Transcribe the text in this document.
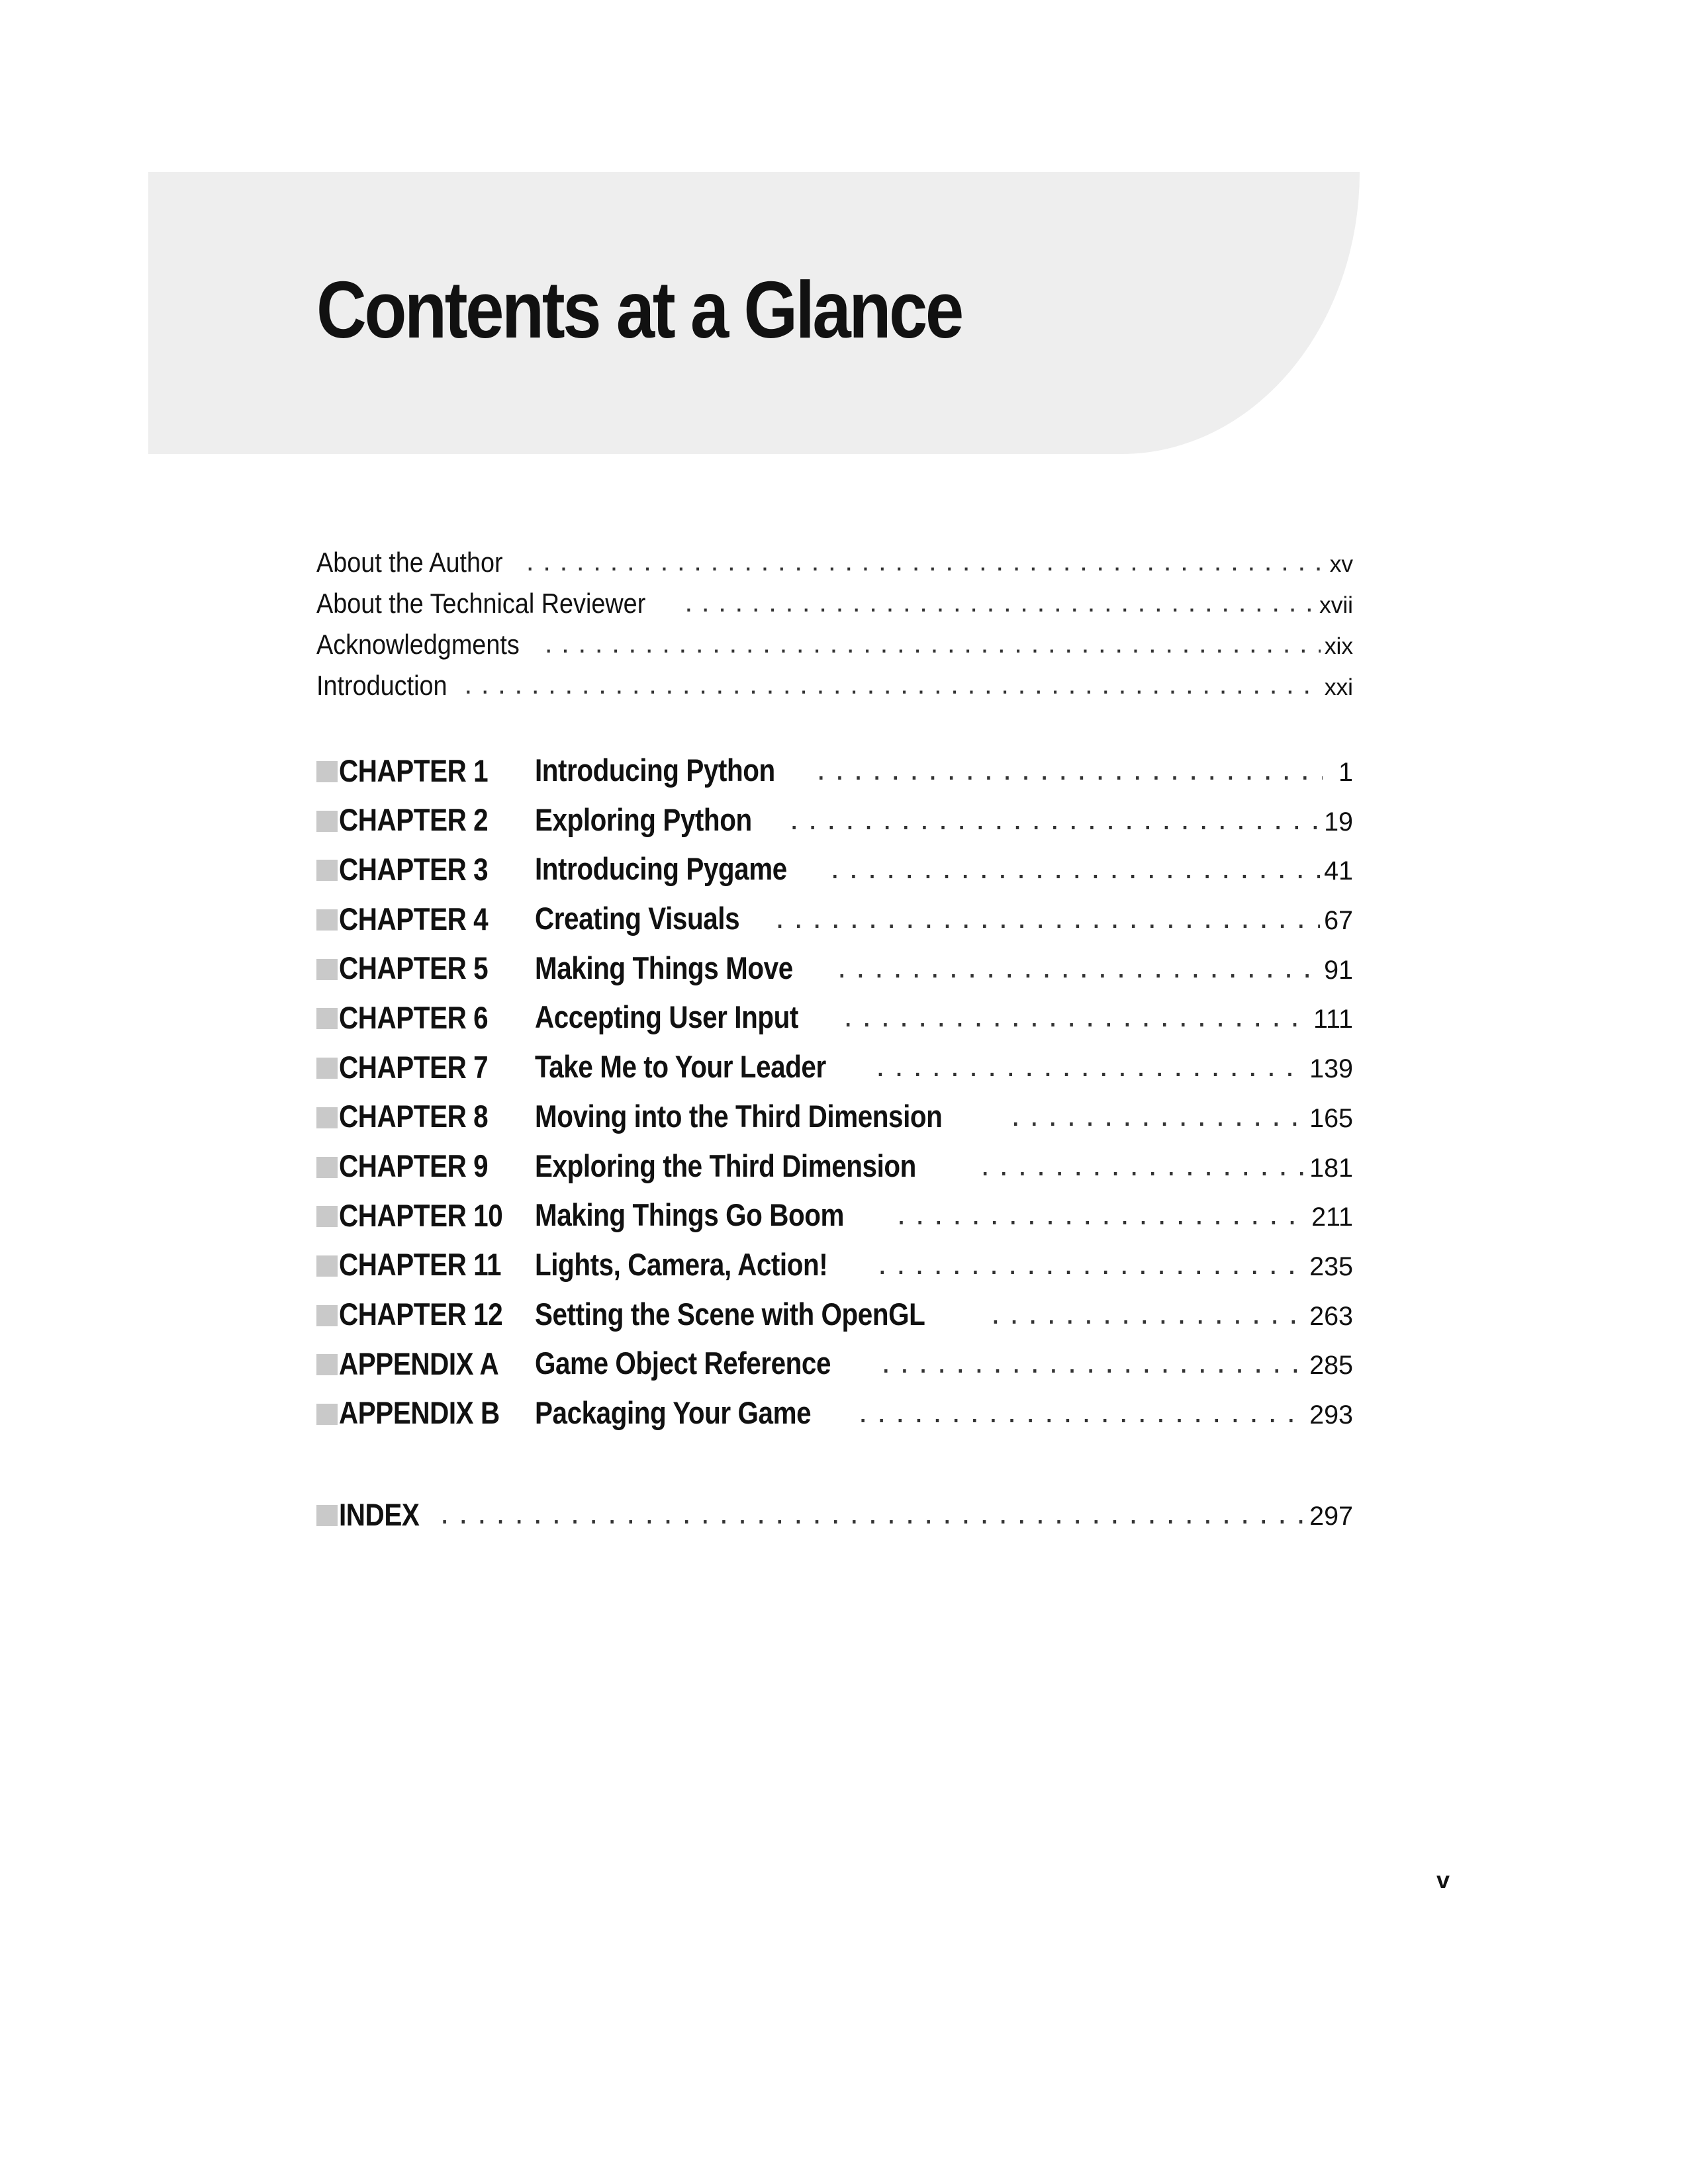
Contents at a Glance
About the Author . . .	xv
About the Technical Reviewer . . .	xvii
Acknowledgments . . .	xix
Introduction . . .	xxi
CHAPTER 1 Introducing Python . . .	1
CHAPTER 2 Exploring Python . . .	19
CHAPTER 3 Introducing Pygame . . .	41
CHAPTER 4 Creating Visuals . . .	67
CHAPTER 5 Making Things Move . . .	91
CHAPTER 6 Accepting User Input . . .	111
CHAPTER 7 Take Me to Your Leader . . .	139
CHAPTER 8 Moving into the Third Dimension . . .	165
CHAPTER 9 Exploring the Third Dimension . . .	181
CHAPTER 10 Making Things Go Boom . . .	211
CHAPTER 11 Lights, Camera, Action! . . .	235
CHAPTER 12 Setting the Scene with OpenGL . . .	263
APPENDIX A Game Object Reference . . .	285
APPENDIX B Packaging Your Game . . .	293
INDEX . . .	297
v
